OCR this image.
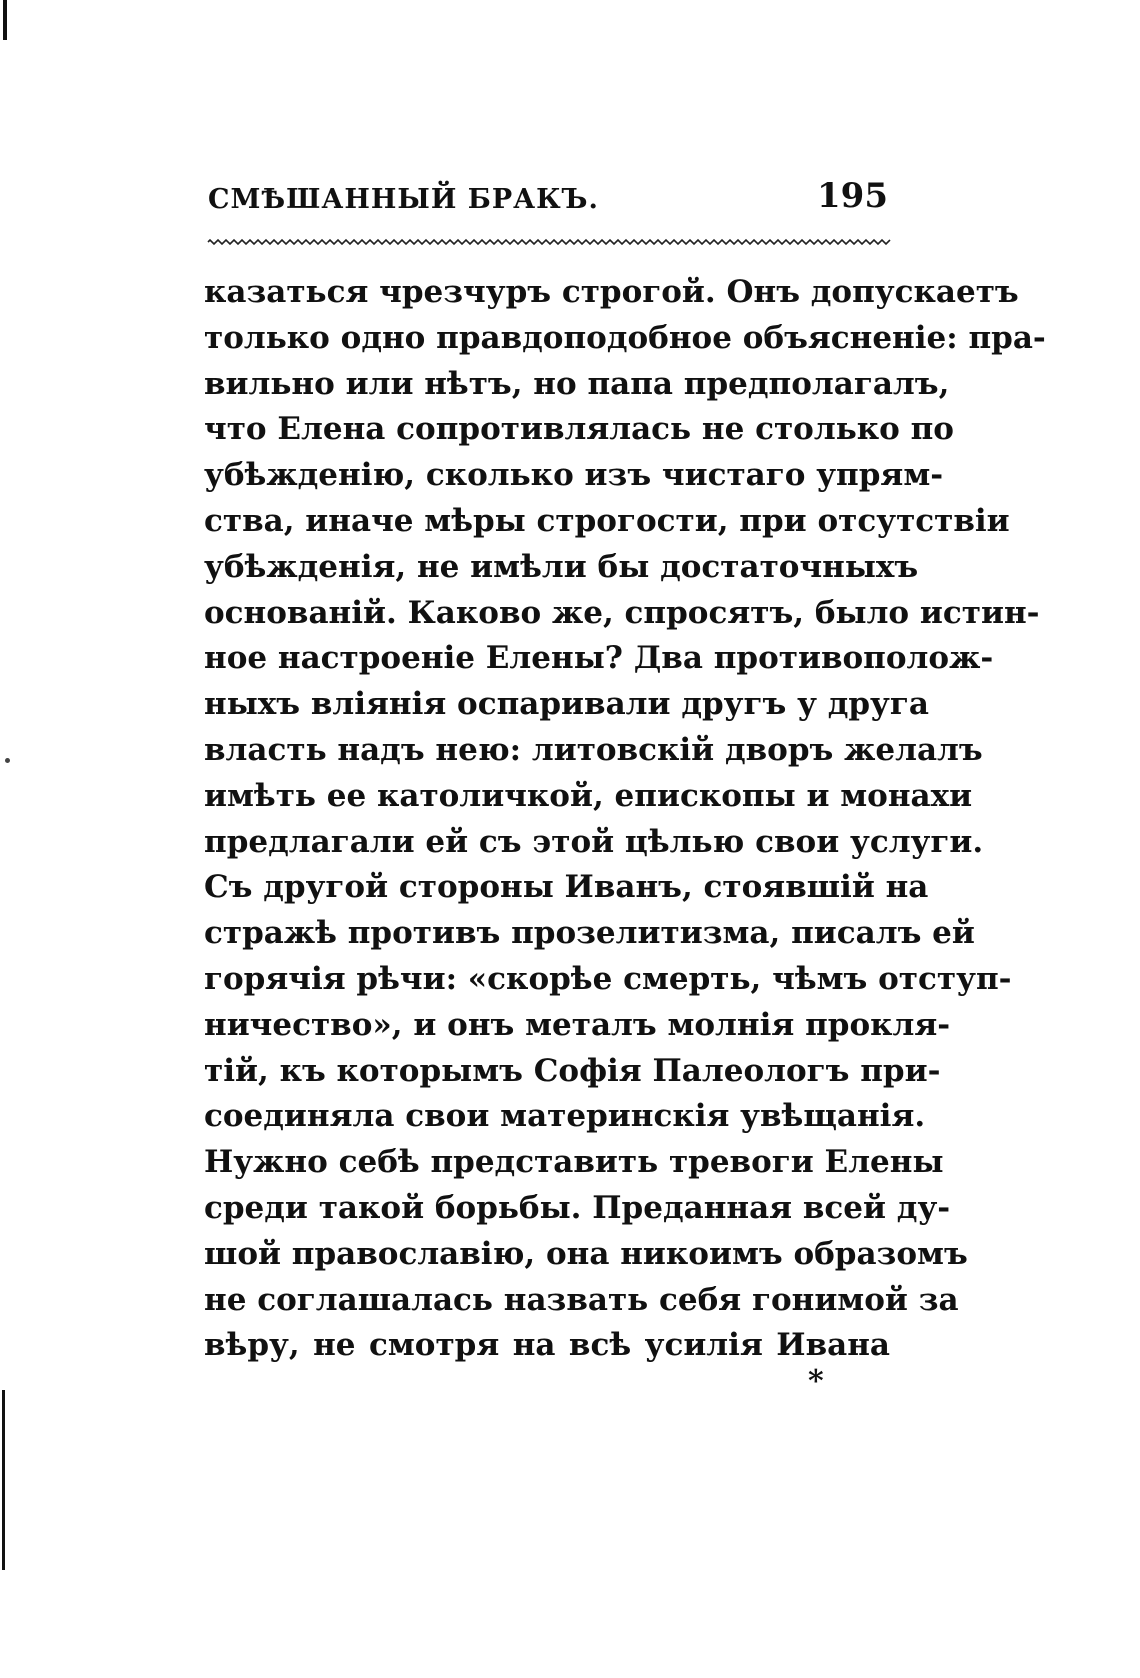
СМѢШАННЫЙ БРАКЪ.	195
казаться чрезчуръ строгой. Онъ допускаетъ
только одно правдоподобное объясненіе: пра-
вильно или нѣтъ, но папа предполагалъ,
что Елена сопротивлялась не столько по
убѣжденію, сколько изъ чистаго упрям-
ства, иначе мѣры строгости, при отсутствіи
убѣжденія, не имѣли бы достаточныхъ
основаній. Каково же, спросятъ, было истин-
ное настроеніе Елены? Два противополож-
ныхъ вліянія оспаривали другъ у друга
власть надъ нею: литовскій дворъ желалъ
имѣть ее католичкой, епископы и монахи
предлагали ей съ этой цѣлью свои услуги.
Съ другой стороны Иванъ, стоявшій на
стражѣ противъ прозелитизма, писалъ ей
горячія рѣчи: «скорѣе смерть, чѣмъ отступ-
ничество», и онъ металъ молнія прокля-
тій, къ которымъ Софія Палеологъ при-
соединяла свои материнскія увѣщанія.
Нужно себѣ представить тревоги Елены
среди такой борьбы. Преданная всей ду-
шой православію, она никоимъ образомъ
не соглашалась назвать себя гонимой за
вѣру, не смотря на всѣ усилія Ивана
*
